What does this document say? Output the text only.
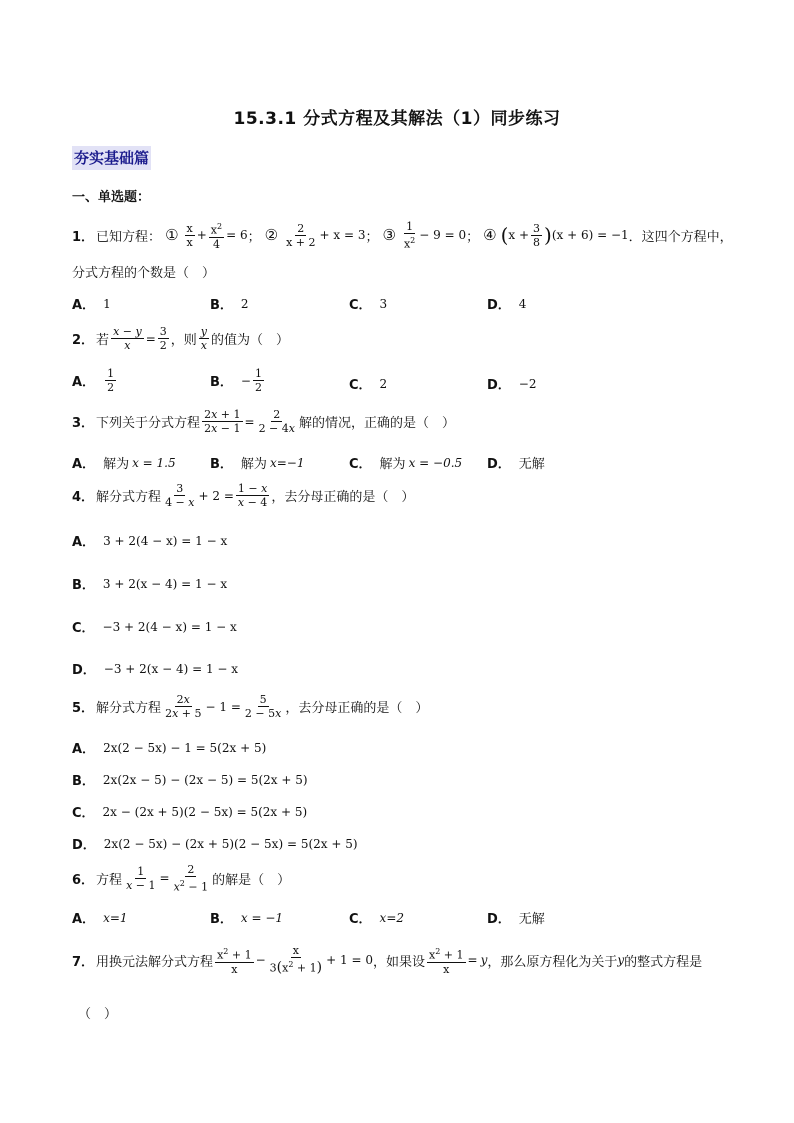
15.3.1 分式方程及其解法（1）同步练习
夯实基础篇
一、单选题：
1． 已知方程： ① $\frac{x}{x} + \frac{x^2}{4} = 6$ ； ② $\frac{2}{x + 2} + x = 3$ ； ③ $\frac{1}{x^2} - 9 = 0$ ； ④ ( $x + \frac{3}{8}$ ) (x + 6) = −1 ．这四个方程中，
分式方程的个数是（　）
A． 1	B． 2	C． 3	D． 4
2． 若 $\frac{x - y}{x} = \frac{3}{2}$ ，则 $\frac{y}{x}$ 的值为（　）
A． $\frac{1}{2}$	B． − $\frac{1}{2}$	C． 2	D． −2
3． 下列关于分式方程 $\frac{2x + 1}{2x - 1} = \frac{2}{2 - 4x}$ 解的情况，正确的是（　）
A． 解为 x = 1.5	B． 解为 x=−1	C． 解为 x = −0.5 D． 无解
4． 解分式方程 $\frac{3}{4 - x} + 2 = \frac{1 - x}{x - 4}$ ，去分母正确的是（　）
A． 3 + 2(4 − x) = 1 − x
B． 3 + 2(x − 4) = 1 − x
C． −3 + 2(4 − x) = 1 − x
D． −3 + 2(x − 4) = 1 − x
5． 解分式方程 $\frac{2x}{2x + 5} - 1 = \frac{5}{2 - 5x}$ ，去分母正确的是（　）
A． 2x(2 − 5x) − 1 = 5(2x + 5)
B． 2x(2x − 5) − (2x − 5) = 5(2x + 5)
C． 2x − (2x + 5)(2 − 5x) = 5(2x + 5)
D． 2x(2 − 5x) − (2x + 5)(2 − 5x) = 5(2x + 5)
6． 方程 $\frac{1}{x - 1} = \frac{2}{x^2 - 1}$ 的解是（　）
A． x=1	B． x = −1	C． x=2	D． 无解
7． 用换元法解分式方程 $\frac{x^2 + 1}{x} - \frac{x}{3(x^2 + 1)} + 1 = 0$ ，如果设 $\frac{x^2 + 1}{x} = y$ ，那么原方程化为关于 y 的整式方程是
（　）
